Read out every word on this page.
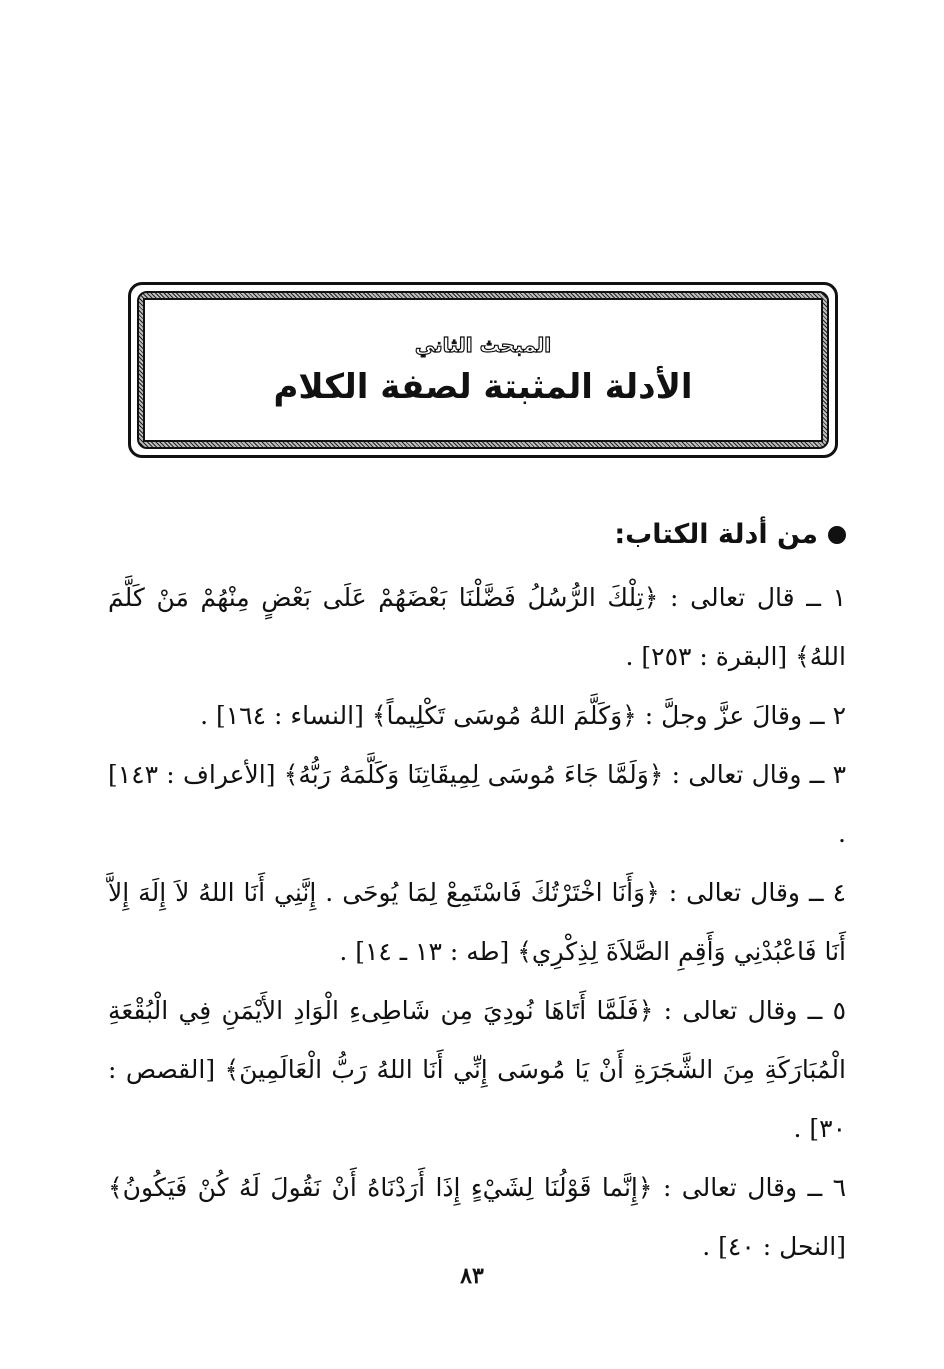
المبحث الثاني
الأدلة المثبتة لصفة الكلام
من أدلة الكتاب:

١ ــ قال تعالى : ﴿تِلْكَ الرُّسُلُ فَضَّلْنَا بَعْضَهُمْ عَلَى بَعْضٍ مِنْهُمْ مَنْ كَلَّمَ اللهُ﴾ [البقرة : ٢٥٣] .

٢ ــ وقالَ عزَّ وجلَّ : ﴿وَكَلَّمَ اللهُ مُوسَى تَكْلِيماً﴾ [النساء : ١٦٤] .

٣ ــ وقال تعالى : ﴿وَلَمَّا جَاءَ مُوسَى لِمِيقَاتِنَا وَكَلَّمَهُ رَبُّهُ﴾ [الأعراف : ١٤٣] .

٤ ــ وقال تعالى : ﴿وَأَنَا اخْتَرْتُكَ فَاسْتَمِعْ لِمَا يُوحَى . إِنَّنِي أَنَا اللهُ لاَ إِلَهَ إِلاَّ أَنَا فَاعْبُدْنِي وَأَقِمِ الصَّلاَةَ لِذِكْرِي﴾ [طه : ١٣ ـ ١٤] .

٥ ــ وقال تعالى : ﴿فَلَمَّا أَتَاهَا نُودِيَ مِن شَاطِىءِ الْوَادِ الأَيْمَنِ فِي الْبُقْعَةِ الْمُبَارَكَةِ مِنَ الشَّجَرَةِ أَنْ يَا مُوسَى إِنِّي أَنَا اللهُ رَبُّ الْعَالَمِينَ﴾ [القصص : ٣٠] .

٦ ــ وقال تعالى : ﴿إِنَّما قَوْلُنَا لِشَيْءٍ إِذَا أَرَدْنَاهُ أَنْ نَقُولَ لَهُ كُنْ فَيَكُونُ﴾ [النحل : ٤٠] .

٨٣
